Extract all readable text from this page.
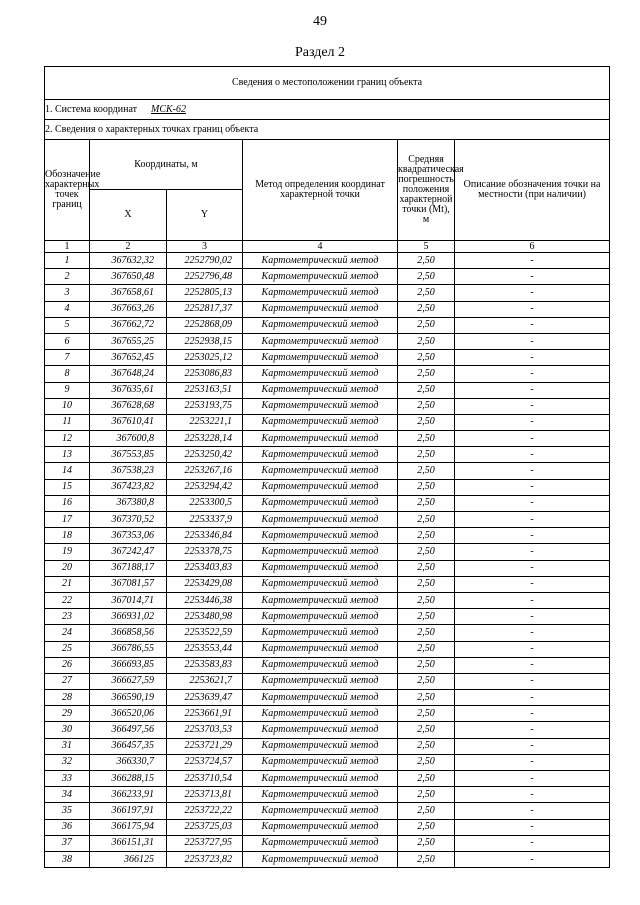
49
Раздел 2
Сведения о местоположении границ объекта					
1. Система координат МСК-62					
2. Сведения о характерных точках границ объекта					
Обозначение характерных точек границ	Координаты, м		Метод определения координат характерной точки	Средняя квадратическая погрешность положения характерной точки (Mt), м	Описание обозначения точки на местности (при наличии)
	X	Y			
1	2	3	4	5	6
1	367632,32	2252790,02	Картометрический метод	2,50	-
2	367650,48	2252796,48	Картометрический метод	2,50	-
3	367658,61	2252805,13	Картометрический метод	2,50	-
4	367663,26	2252817,37	Картометрический метод	2,50	-
5	367662,72	2252868,09	Картометрический метод	2,50	-
6	367655,25	2252938,15	Картометрический метод	2,50	-
7	367652,45	2253025,12	Картометрический метод	2,50	-
8	367648,24	2253086,83	Картометрический метод	2,50	-
9	367635,61	2253163,51	Картометрический метод	2,50	-
10	367628,68	2253193,75	Картометрический метод	2,50	-
11	367610,41	2253221,1	Картометрический метод	2,50	-
12	367600,8	2253228,14	Картометрический метод	2,50	-
13	367553,85	2253250,42	Картометрический метод	2,50	-
14	367538,23	2253267,16	Картометрический метод	2,50	-
15	367423,82	2253294,42	Картометрический метод	2,50	-
16	367380,8	2253300,5	Картометрический метод	2,50	-
17	367370,52	2253337,9	Картометрический метод	2,50	-
18	367353,06	2253346,84	Картометрический метод	2,50	-
19	367242,47	2253378,75	Картометрический метод	2,50	-
20	367188,17	2253403,83	Картометрический метод	2,50	-
21	367081,57	2253429,08	Картометрический метод	2,50	-
22	367014,71	2253446,38	Картометрический метод	2,50	-
23	366931,02	2253480,98	Картометрический метод	2,50	-
24	366858,56	2253522,59	Картометрический метод	2,50	-
25	366786,55	2253553,44	Картометрический метод	2,50	-
26	366693,85	2253583,83	Картометрический метод	2,50	-
27	366627,59	2253621,7	Картометрический метод	2,50	-
28	366590,19	2253639,47	Картометрический метод	2,50	-
29	366520,06	2253661,91	Картометрический метод	2,50	-
30	366497,56	2253703,53	Картометрический метод	2,50	-
31	366457,35	2253721,29	Картометрический метод	2,50	-
32	366330,7	2253724,57	Картометрический метод	2,50	-
33	366288,15	2253710,54	Картометрический метод	2,50	-
34	366233,91	2253713,81	Картометрический метод	2,50	-
35	366197,91	2253722,22	Картометрический метод	2,50	-
36	366175,94	2253725,03	Картометрический метод	2,50	-
37	366151,31	2253727,95	Картометрический метод	2,50	-
38	366125	2253723,82	Картометрический метод	2,50	-
